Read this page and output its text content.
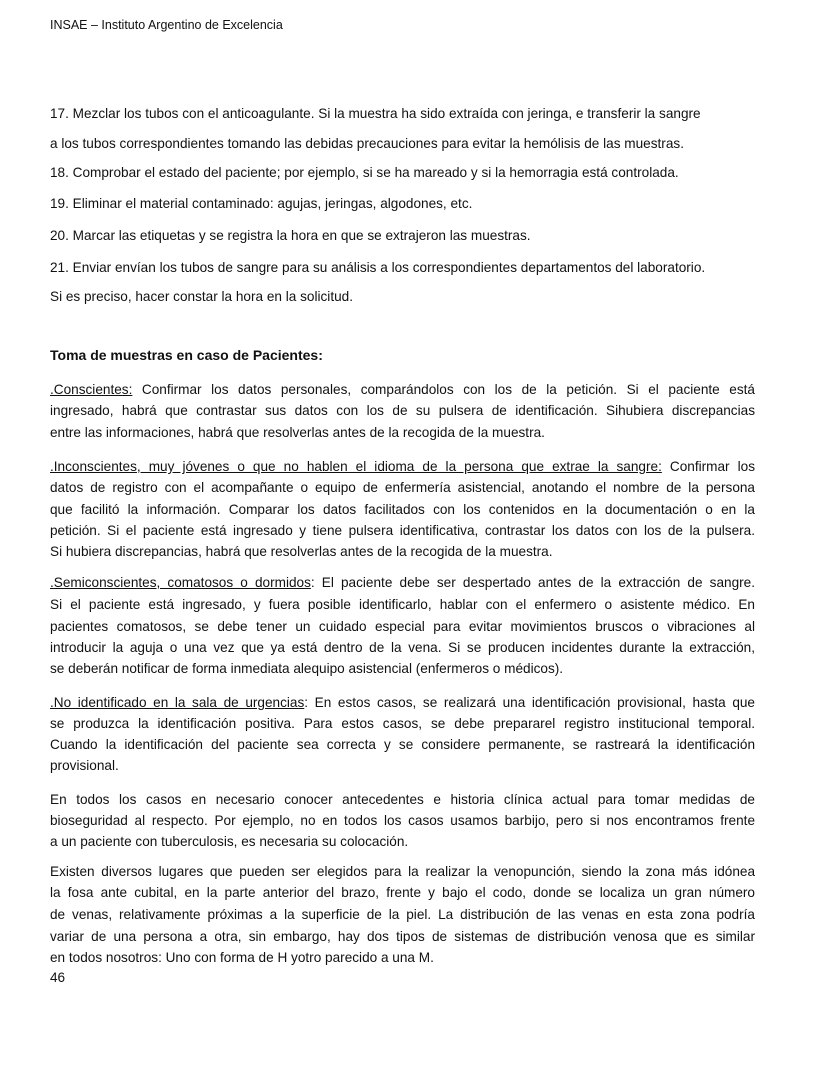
INSAE – Instituto Argentino de Excelencia
17. Mezclar los tubos con el anticoagulante. Si la muestra ha sido extraída con jeringa, e transferir la sangre
a los tubos correspondientes tomando las debidas precauciones para evitar la hemólisis de las muestras.
18. Comprobar el estado del paciente; por ejemplo, si se ha mareado y si la hemorragia está controlada.
19. Eliminar el material contaminado: agujas, jeringas, algodones, etc.
20. Marcar las etiquetas y se registra la hora en que se extrajeron las muestras.
21. Enviar envían los tubos de sangre para su análisis a los correspondientes departamentos del laboratorio.
Si es preciso, hacer constar la hora en la solicitud.
Toma de muestras en caso de Pacientes:
.Conscientes: Confirmar los datos personales, comparándolos con los de la petición. Si el paciente está
ingresado, habrá que contrastar sus datos con los de su pulsera de identificación. Sihubiera discrepancias
entre las informaciones, habrá que resolverlas antes de la recogida de la muestra.
.Inconscientes, muy jóvenes o que no hablen el idioma de la persona que extrae la sangre: Confirmar los
datos de registro con el acompañante o equipo de enfermería asistencial, anotando el nombre de la persona
que facilitó la información. Comparar los datos facilitados con los contenidos en la documentación o en la
petición. Si el paciente está ingresado y tiene pulsera identificativa, contrastar los datos con los de la pulsera.
Si hubiera discrepancias, habrá que resolverlas antes de la recogida de la muestra.
.Semiconscientes, comatosos o dormidos: El paciente debe ser despertado antes de la extracción de sangre.
Si el paciente está ingresado, y fuera posible identificarlo, hablar con el enfermero o asistente médico. En
pacientes comatosos, se debe tener un cuidado especial para evitar movimientos bruscos o vibraciones al
introducir la aguja o una vez que ya está dentro de la vena. Si se producen incidentes durante la extracción,
se deberán notificar de forma inmediata alequipo asistencial (enfermeros o médicos).
.No identificado en la sala de urgencias: En estos casos, se realizará una identificación provisional, hasta que
se produzca la identificación positiva. Para estos casos, se debe prepararel registro institucional temporal.
Cuando la identificación del paciente sea correcta y se considere permanente, se rastreará la identificación
provisional.
En todos los casos en necesario conocer antecedentes e historia clínica actual para tomar medidas de
bioseguridad al respecto. Por ejemplo, no en todos los casos usamos barbijo, pero si nos encontramos frente
a un paciente con tuberculosis, es necesaria su colocación.
Existen diversos lugares que pueden ser elegidos para la realizar la venopunción, siendo la zona más idónea
la fosa ante cubital, en la parte anterior del brazo, frente y bajo el codo, donde se localiza un gran número
de venas, relativamente próximas a la superficie de la piel. La distribución de las venas en esta zona podría
variar de una persona a otra, sin embargo, hay dos tipos de sistemas de distribución venosa que es similar
en todos nosotros: Uno con forma de H yotro parecido a una M.
46
